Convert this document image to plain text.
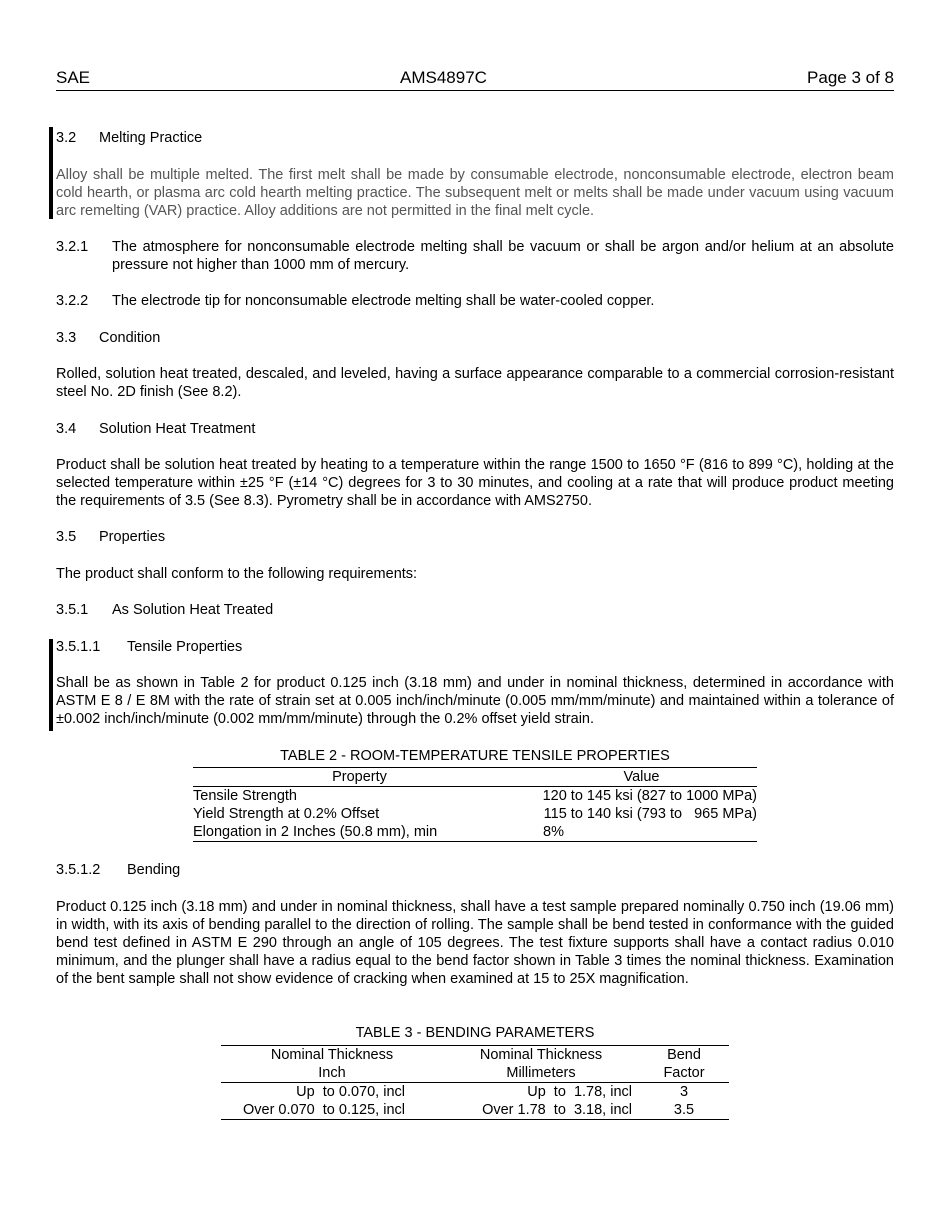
SAE	AMS4897C	Page 3 of 8
3.2 Melting Practice
Alloy shall be multiple melted. The first melt shall be made by consumable electrode, nonconsumable electrode, electron beam cold hearth, or plasma arc cold hearth melting practice. The subsequent melt or melts shall be made under vacuum using vacuum arc remelting (VAR) practice. Alloy additions are not permitted in the final melt cycle.
3.2.1 The atmosphere for nonconsumable electrode melting shall be vacuum or shall be argon and/or helium at an absolute pressure not higher than 1000 mm of mercury.
3.2.2 The electrode tip for nonconsumable electrode melting shall be water-cooled copper.
3.3 Condition
Rolled, solution heat treated, descaled, and leveled, having a surface appearance comparable to a commercial corrosion-resistant steel No. 2D finish (See 8.2).
3.4 Solution Heat Treatment
Product shall be solution heat treated by heating to a temperature within the range 1500 to 1650 °F (816 to 899 °C), holding at the selected temperature within ±25 °F (±14 °C) degrees for 3 to 30 minutes, and cooling at a rate that will produce product meeting the requirements of 3.5 (See 8.3). Pyrometry shall be in accordance with AMS2750.
3.5 Properties
The product shall conform to the following requirements:
3.5.1 As Solution Heat Treated
3.5.1.1 Tensile Properties
Shall be as shown in Table 2 for product 0.125 inch (3.18 mm) and under in nominal thickness, determined in accordance with ASTM E 8 / E 8M with the rate of strain set at 0.005 inch/inch/minute (0.005 mm/mm/minute) and maintained within a tolerance of ±0.002 inch/inch/minute (0.002 mm/mm/minute) through the 0.2% offset yield strain.
TABLE 2 - ROOM-TEMPERATURE TENSILE PROPERTIES
Property	Value
Tensile Strength	120 to 145 ksi (827 to 1000 MPa)
Yield Strength at 0.2% Offset	115 to 140 ksi (793 to   965 MPa)
Elongation in 2 Inches (50.8 mm), min	8%
3.5.1.2 Bending
Product 0.125 inch (3.18 mm) and under in nominal thickness, shall have a test sample prepared nominally 0.750 inch (19.06 mm) in width, with its axis of bending parallel to the direction of rolling. The sample shall be bend tested in conformance with the guided bend test defined in ASTM E 290 through an angle of 105 degrees. The test fixture supports shall have a contact radius 0.010 minimum, and the plunger shall have a radius equal to the bend factor shown in Table 3 times the nominal thickness. Examination of the bent sample shall not show evidence of cracking when examined at 15 to 25X magnification.
TABLE 3 - BENDING PARAMETERS
Nominal Thickness	Nominal Thickness	Bend
Inch	Millimeters	Factor
Up  to 0.070, incl	Up  to  1.78, incl	3
Over 0.070  to 0.125, incl	Over 1.78  to  3.18, incl	3.5
